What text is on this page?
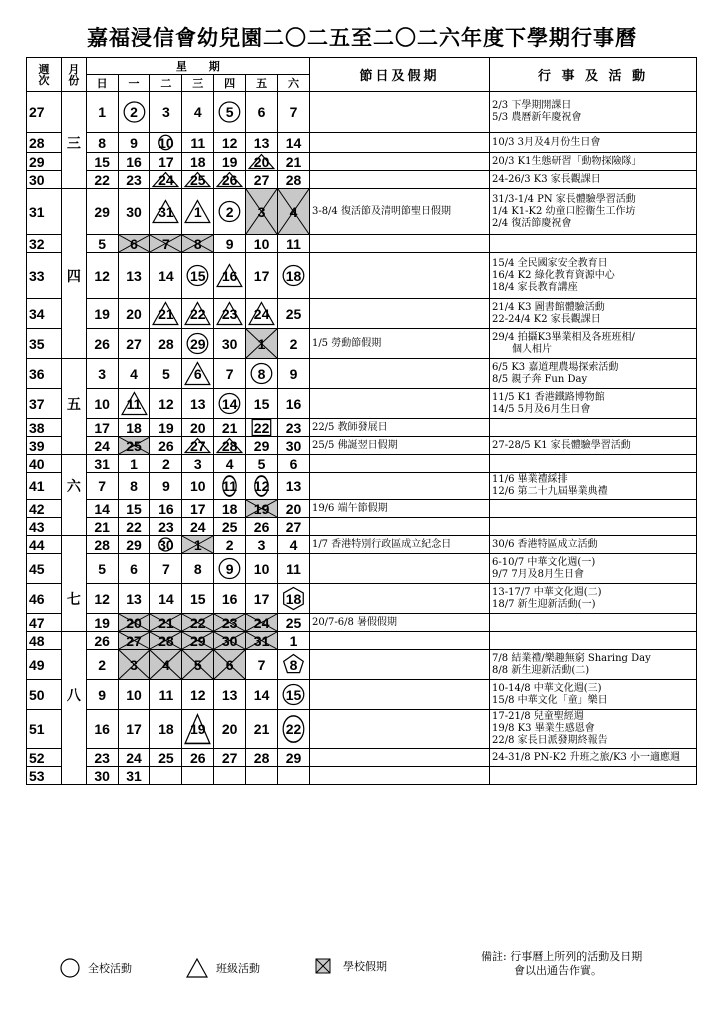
嘉福浸信會幼兒園二〇二五至二〇二六年度下學期行事曆
週
次	月
份	星　　期							節日及假期	行 事 及 活 動
		日	一	二	三	四	五	六		
27		1	2	3	4	5	6	7		2/3 下學期開課日
5/3 農曆新年慶祝會

28	三	8	9	10	11	12	13	14		10/3 3月及4月份生日會

29		15	16	17	18	19	20	21		20/3 K1生態研習「動物探險隊」

30		22	23	24	25	26	27	28		24-26/3 K3 家長觀課日

31		29	30	31	1	2	3	4	3-8/4 復活節及清明節聖日假期	31/3-1/4 PN 家長體驗學習活動
1/4 K1-K2 幼童口腔衞生工作坊
2/4 復活節慶祝會

32		5	6	7	8	9	10	11		
33	四	12	13	14	15	16	17	18		15/4 全民國家安全教育日
16/4 K2 綠化教育資源中心
18/4 家長教育講座

34		19	20	21	22	23	24	25		21/4 K3 圖書館體驗活動
22-24/4 K2 家長觀課日

35		26	27	28	29	30	1	2	1/5 勞動節假期	29/4 拍攝K3畢業相及各班班相/
　　個人相片

36		3	4	5	6	7	8	9		6/5 K3 嘉道理農場探索活動
8/5 親子奔 Fun Day

37	五	10	11	12	13	14	15	16		11/5 K1 香港鐵路博物館
14/5 5月及6月生日會

38		17	18	19	20	21	22	23	22/5 教師發展日	
39		24	25	26	27	28	29	30	25/5 佛誕翌日假期	27-28/5 K1 家長體驗學習活動

40		31	1	2	3	4	5	6		
41	六	7	8	9	10	11	12	13		11/6 畢業禮綵排
12/6 第二十九屆畢業典禮

42		14	15	16	17	18	19	20	19/6 端午節假期	
43		21	22	23	24	25	26	27		
44		28	29	30	1	2	3	4	1/7 香港特別行政區成立紀念日	30/6 香港特區成立活動

45		5	6	7	8	9	10	11		6-10/7 中華文化週(一)
9/7 7月及8月生日會

46	七	12	13	14	15	16	17	18		13-17/7 中華文化週(二)
18/7 新生迎新活動(一)

47		19	20	21	22	23	24	25	20/7-6/8 暑假假期	
48		26	27	28	29	30	31	1		
49		2	3	4	5	6	7	8		7/8 結業禮/樂趣無窮 Sharing Day
8/8 新生迎新活動(二)

50	八	9	10	11	12	13	14	15		10-14/8 中華文化週(三)
15/8 中華文化「童」樂日

51		16	17	18	19	20	21	22		17-21/8 兒童聖經週
19/8 K3 畢業生感恩會
22/8 家長日派發期終報告

52		23	24	25	26	27	28	29		24-31/8 PN-K2 升班之旅/K3 小一適應週

53		30	31							
全校活動	班級活動	學校假期
備註: 行事曆上所列的活動及日期
　　　會以出通告作實。
